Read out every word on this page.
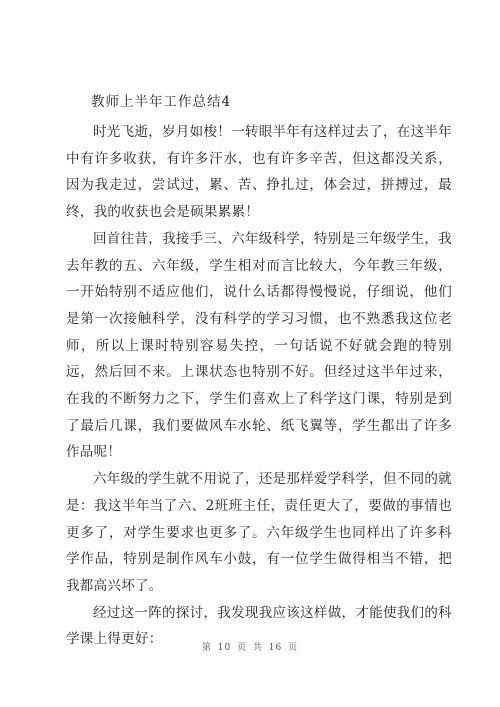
教师上半年工作总结4

时光飞逝，岁月如梭！一转眼半年有这样过去了，在这半年中有许多收获，有许多汗水，也有许多辛苦，但这都没关系，因为我走过，尝试过，累、苦、挣扎过，体会过，拼搏过，最终，我的收获也会是硕果累累！

回首往昔，我接手三、六年级科学，特别是三年级学生，我去年教的五、六年级，学生相对而言比较大，今年教三年级，一开始特别不适应他们，说什么话都得慢慢说，仔细说，他们是第一次接触科学，没有科学的学习习惯，也不熟悉我这位老师，所以上课时特别容易失控，一句话说不好就会跑的特别远，然后回不来。上课状态也特别不好。但经过这半年过来，在我的不断努力之下，学生们喜欢上了科学这门课，特别是到了最后几课，我们要做风车水轮、纸飞翼等，学生都出了许多作品呢！

六年级的学生就不用说了，还是那样爱学科学，但不同的就是：我这半年当了六、2班班主任，责任更大了，要做的事情也更多了，对学生要求也更多了。六年级学生也同样出了许多科学作品，特别是制作风车小鼓，有一位学生做得相当不错，把我都高兴坏了。

经过这一阵的探讨，我发现我应该这样做，才能使我们的科学课上得更好：

第 10 页 共 16 页
